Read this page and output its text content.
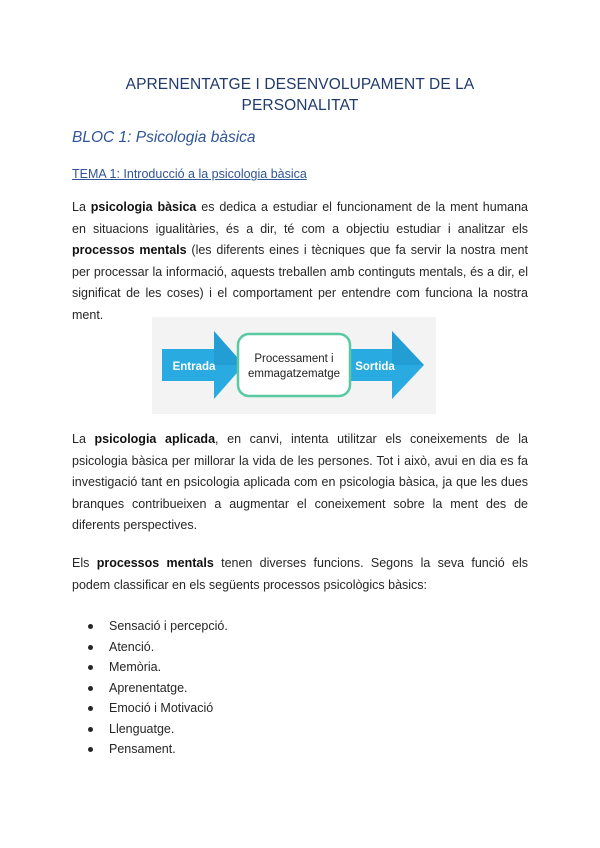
APRENENTATGE I DESENVOLUPAMENT DE LA
PERSONALITAT
BLOC 1: Psicologia bàsica
TEMA 1: Introducció a la psicologia bàsica
La psicologia bàsica es dedica a estudiar el funcionament de la ment humana en situacions igualitàries, és a dir, té com a objectiu estudiar i analitzar els processos mentals (les diferents eines i tècniques que fa servir la nostra ment per processar la informació, aquests treballen amb continguts mentals, és a dir, el significat de les coses) i el comportament per entendre com funciona la nostra ment.
Entrada	Sortida
Processament i
emmagatzematge
La psicologia aplicada, en canvi, intenta utilitzar els coneixements de la psicologia bàsica per millorar la vida de les persones. Tot i això, avui en dia es fa investigació tant en psicologia aplicada com en psicologia bàsica, ja que les dues branques contribueixen a augmentar el coneixement sobre la ment des de diferents perspectives.
Els processos mentals tenen diverses funcions. Segons la seva funció els podem classificar en els següents processos psicològics bàsics:
Sensació i percepció.
Atenció.
Memòria.
Aprenentatge.
Emoció i Motivació
Llenguatge.
Pensament.
